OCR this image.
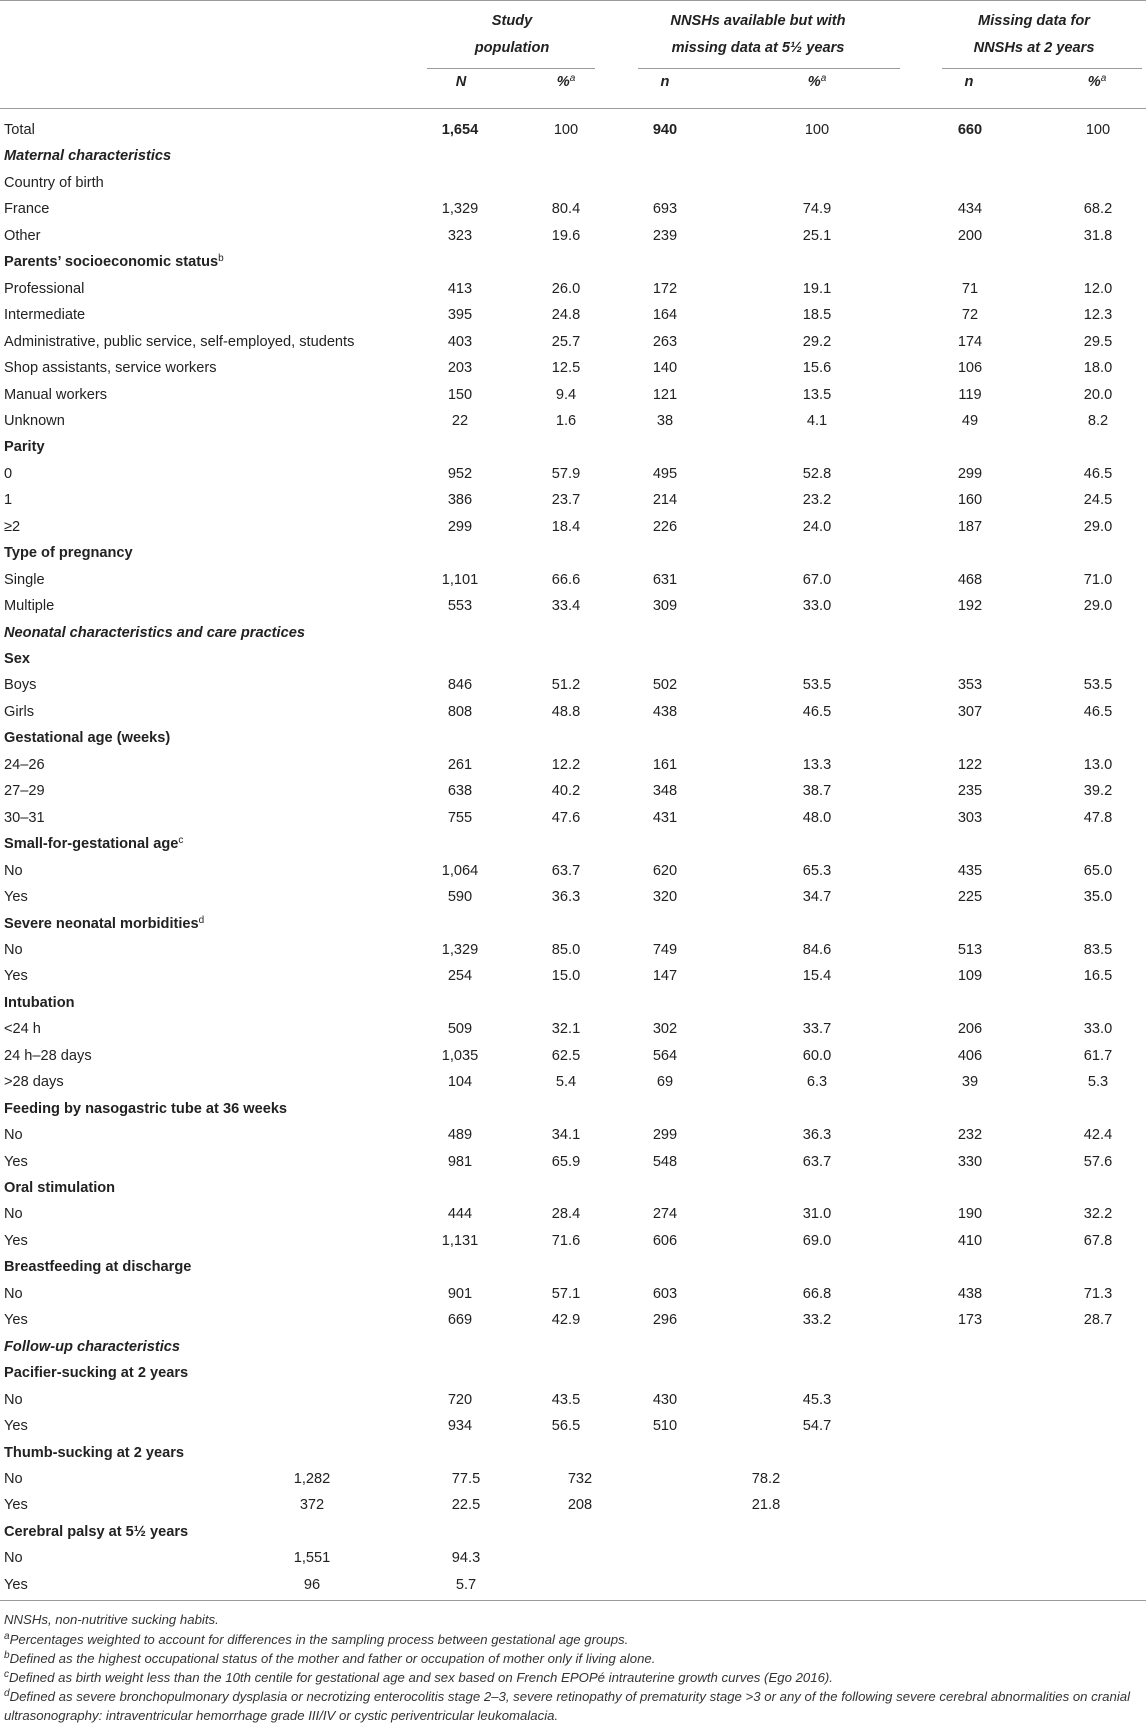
Study
population
NNSHs available but with
missing data at 5½ years
Missing data for
NNSHs at 2 years
N	%$^a$	n	%$^a$	n	%$^a$
Total	1,654	100	940	100	660	100
Maternal characteristics
Country of birth
France	1,329	80.4	693	74.9	434	68.2
Other	323	19.6	239	25.1	200	31.8
Parents’ socioeconomic status$^b$
Professional	413	26.0	172	19.1	71	12.0
Intermediate	395	24.8	164	18.5	72	12.3
Administrative, public service, self-employed, students	403	25.7	263	29.2	174	29.5
Shop assistants, service workers	203	12.5	140	15.6	106	18.0
Manual workers	150	9.4	121	13.5	119	20.0
Unknown	22	1.6	38	4.1	49	8.2
Parity
0	952	57.9	495	52.8	299	46.5
1	386	23.7	214	23.2	160	24.5
≥2	299	18.4	226	24.0	187	29.0
Type of pregnancy
Single	1,101	66.6	631	67.0	468	71.0
Multiple	553	33.4	309	33.0	192	29.0
Neonatal characteristics and care practices
Sex
Boys	846	51.2	502	53.5	353	53.5
Girls	808	48.8	438	46.5	307	46.5
Gestational age (weeks)
24–26	261	12.2	161	13.3	122	13.0
27–29	638	40.2	348	38.7	235	39.2
30–31	755	47.6	431	48.0	303	47.8
Small-for-gestational age$^c$
No	1,064	63.7	620	65.3	435	65.0
Yes	590	36.3	320	34.7	225	35.0
Severe neonatal morbidities$^d$
No	1,329	85.0	749	84.6	513	83.5
Yes	254	15.0	147	15.4	109	16.5
Intubation
<24 h	509	32.1	302	33.7	206	33.0
24 h–28 days	1,035	62.5	564	60.0	406	61.7
>28 days	104	5.4	69	6.3	39	5.3
Feeding by nasogastric tube at 36 weeks
No	489	34.1	299	36.3	232	42.4
Yes	981	65.9	548	63.7	330	57.6
Oral stimulation
No	444	28.4	274	31.0	190	32.2
Yes	1,131	71.6	606	69.0	410	67.8
Breastfeeding at discharge
No	901	57.1	603	66.8	438	71.3
Yes	669	42.9	296	33.2	173	28.7
Follow-up characteristics
Pacifier-sucking at 2 years
No	720	43.5	430	45.3
Yes	934	56.5	510	54.7
Thumb-sucking at 2 years
No	1,282	77.5	732	78.2
Yes	372	22.5	208	21.8
Cerebral palsy at 5½ years
No	1,551	94.3
Yes	96	5.7
NNSHs, non-nutritive sucking habits.
$^a$Percentages weighted to account for differences in the sampling process between gestational age groups.
$^b$Defined as the highest occupational status of the mother and father or occupation of mother only if living alone.
$^c$Defined as birth weight less than the 10th centile for gestational age and sex based on French EPOPé intrauterine growth curves (Ego 2016).
$^d$Defined as severe bronchopulmonary dysplasia or necrotizing enterocolitis stage 2–3, severe retinopathy of prematurity stage >3 or any of the following severe cerebral abnormalities on cranial ultrasonography: intraventricular hemorrhage grade III/IV or cystic periventricular leukomalacia.
